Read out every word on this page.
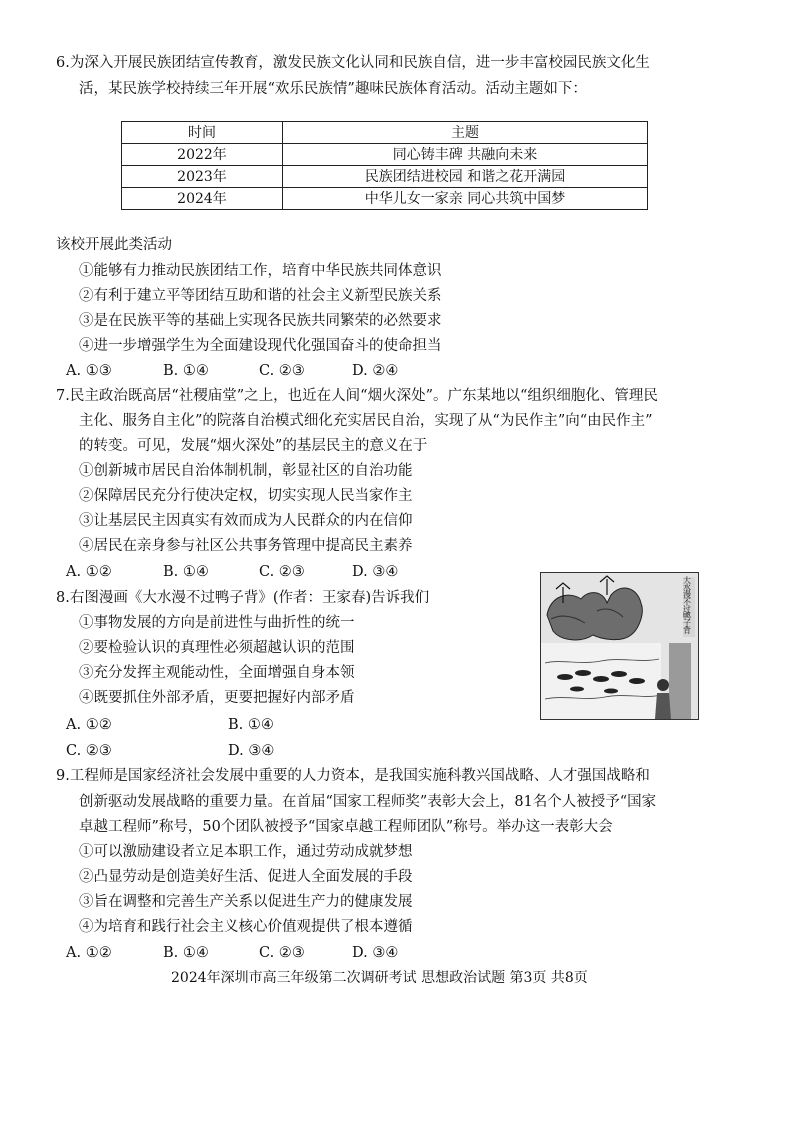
6.为深入开展民族团结宣传教育，激发民族文化认同和民族自信，进一步丰富校园民族文化生
活，某民族学校持续三年开展“欢乐民族情”趣味民族体育活动。活动主题如下：
时间	主题
2022年	同心铸丰碑 共融向未来
2023年	民族团结进校园 和谐之花开满园
2024年	中华儿女一家亲 同心共筑中国梦
该校开展此类活动
①能够有力推动民族团结工作，培育中华民族共同体意识
②有利于建立平等团结互助和谐的社会主义新型民族关系
③是在民族平等的基础上实现各民族共同繁荣的必然要求
④进一步增强学生为全面建设现代化强国奋斗的使命担当
A. ①③	B. ①④	C. ②③	D. ②④
7.民主政治既高居“社稷庙堂”之上，也近在人间“烟火深处”。广东某地以“组织细胞化、管理民
主化、服务自主化”的院落自治模式细化充实居民自治，实现了从“为民作主”向“由民作主”
的转变。可见，发展“烟火深处”的基层民主的意义在于
①创新城市居民自治体制机制，彰显社区的自治功能
②保障居民充分行使决定权，切实实现人民当家作主
③让基层民主因真实有效而成为人民群众的内在信仰
④居民在亲身参与社区公共事务管理中提高民主素养
A. ①②	B. ①④	C. ②③	D. ③④
8.右图漫画《大水漫不过鸭子背》(作者：王家春)告诉我们
①事物发展的方向是前进性与曲折性的统一
②要检验认识的真理性必须超越认识的范围
③充分发挥主观能动性，全面增强自身本领
④既要抓住外部矛盾，更要把握好内部矛盾
A. ①②	B. ①④
C. ②③	D. ③④
大水漫不过鸭子背
9.工程师是国家经济社会发展中重要的人力资本，是我国实施科教兴国战略、人才强国战略和
创新驱动发展战略的重要力量。在首届“国家工程师奖”表彰大会上，81名个人被授予“国家
卓越工程师”称号，50个团队被授予“国家卓越工程师团队”称号。举办这一表彰大会
①可以激励建设者立足本职工作，通过劳动成就梦想
②凸显劳动是创造美好生活、促进人全面发展的手段
③旨在调整和完善生产关系以促进生产力的健康发展
④为培育和践行社会主义核心价值观提供了根本遵循
A. ①②	B. ①④	C. ②③	D. ③④
2024年深圳市高三年级第二次调研考试 思想政治试题 第3页 共8页
